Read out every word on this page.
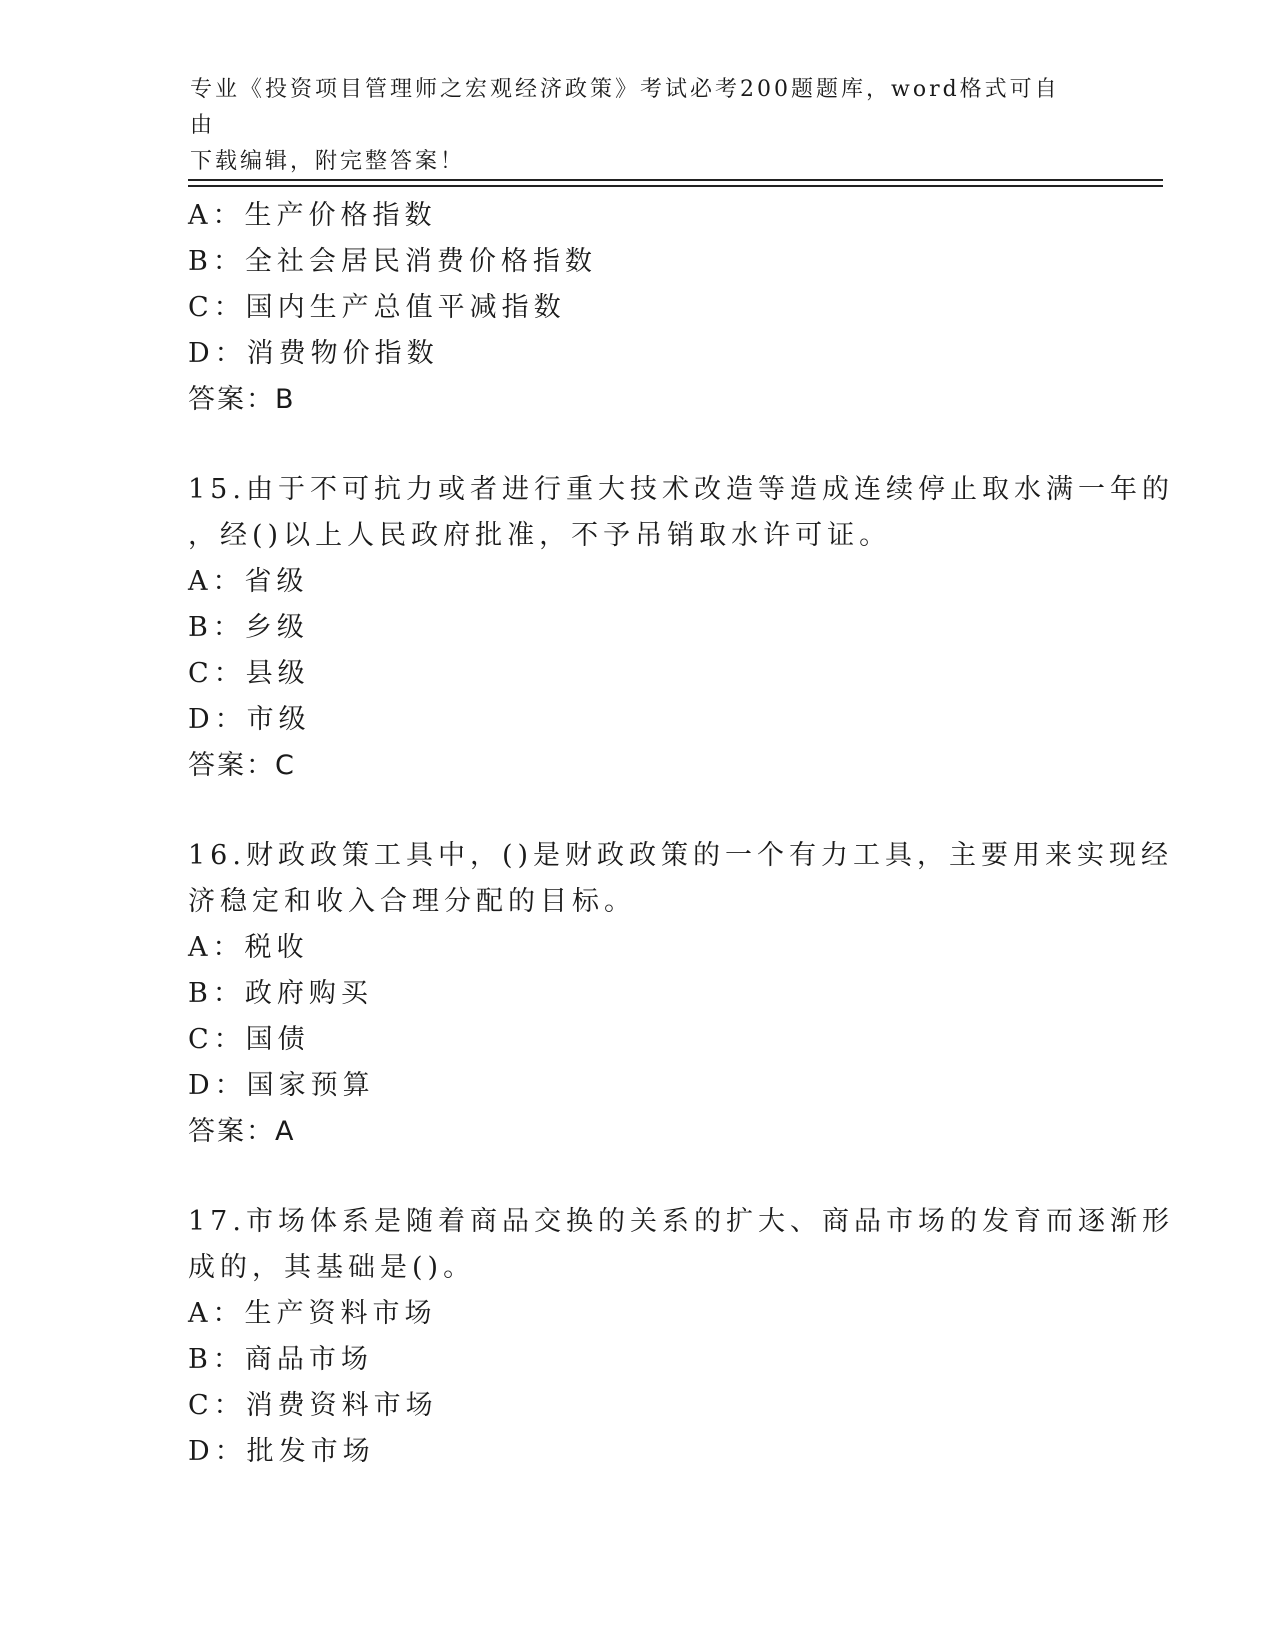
专业《投资项目管理师之宏观经济政策》考试必考200题题库，word格式可自由
下载编辑，附完整答案！
A：生产价格指数
B：全社会居民消费价格指数
C：国内生产总值平减指数
D：消费物价指数
答案：B
15.由于不可抗力或者进行重大技术改造等造成连续停止取水满一年的
，经()以上人民政府批准，不予吊销取水许可证。
A：省级
B：乡级
C：县级
D：市级
答案：C
16.财政政策工具中，()是财政政策的一个有力工具，主要用来实现经
济稳定和收入合理分配的目标。
A：税收
B：政府购买
C：国债
D：国家预算
答案：A
17.市场体系是随着商品交换的关系的扩大、商品市场的发育而逐渐形
成的，其基础是()。
A：生产资料市场
B：商品市场
C：消费资料市场
D：批发市场
